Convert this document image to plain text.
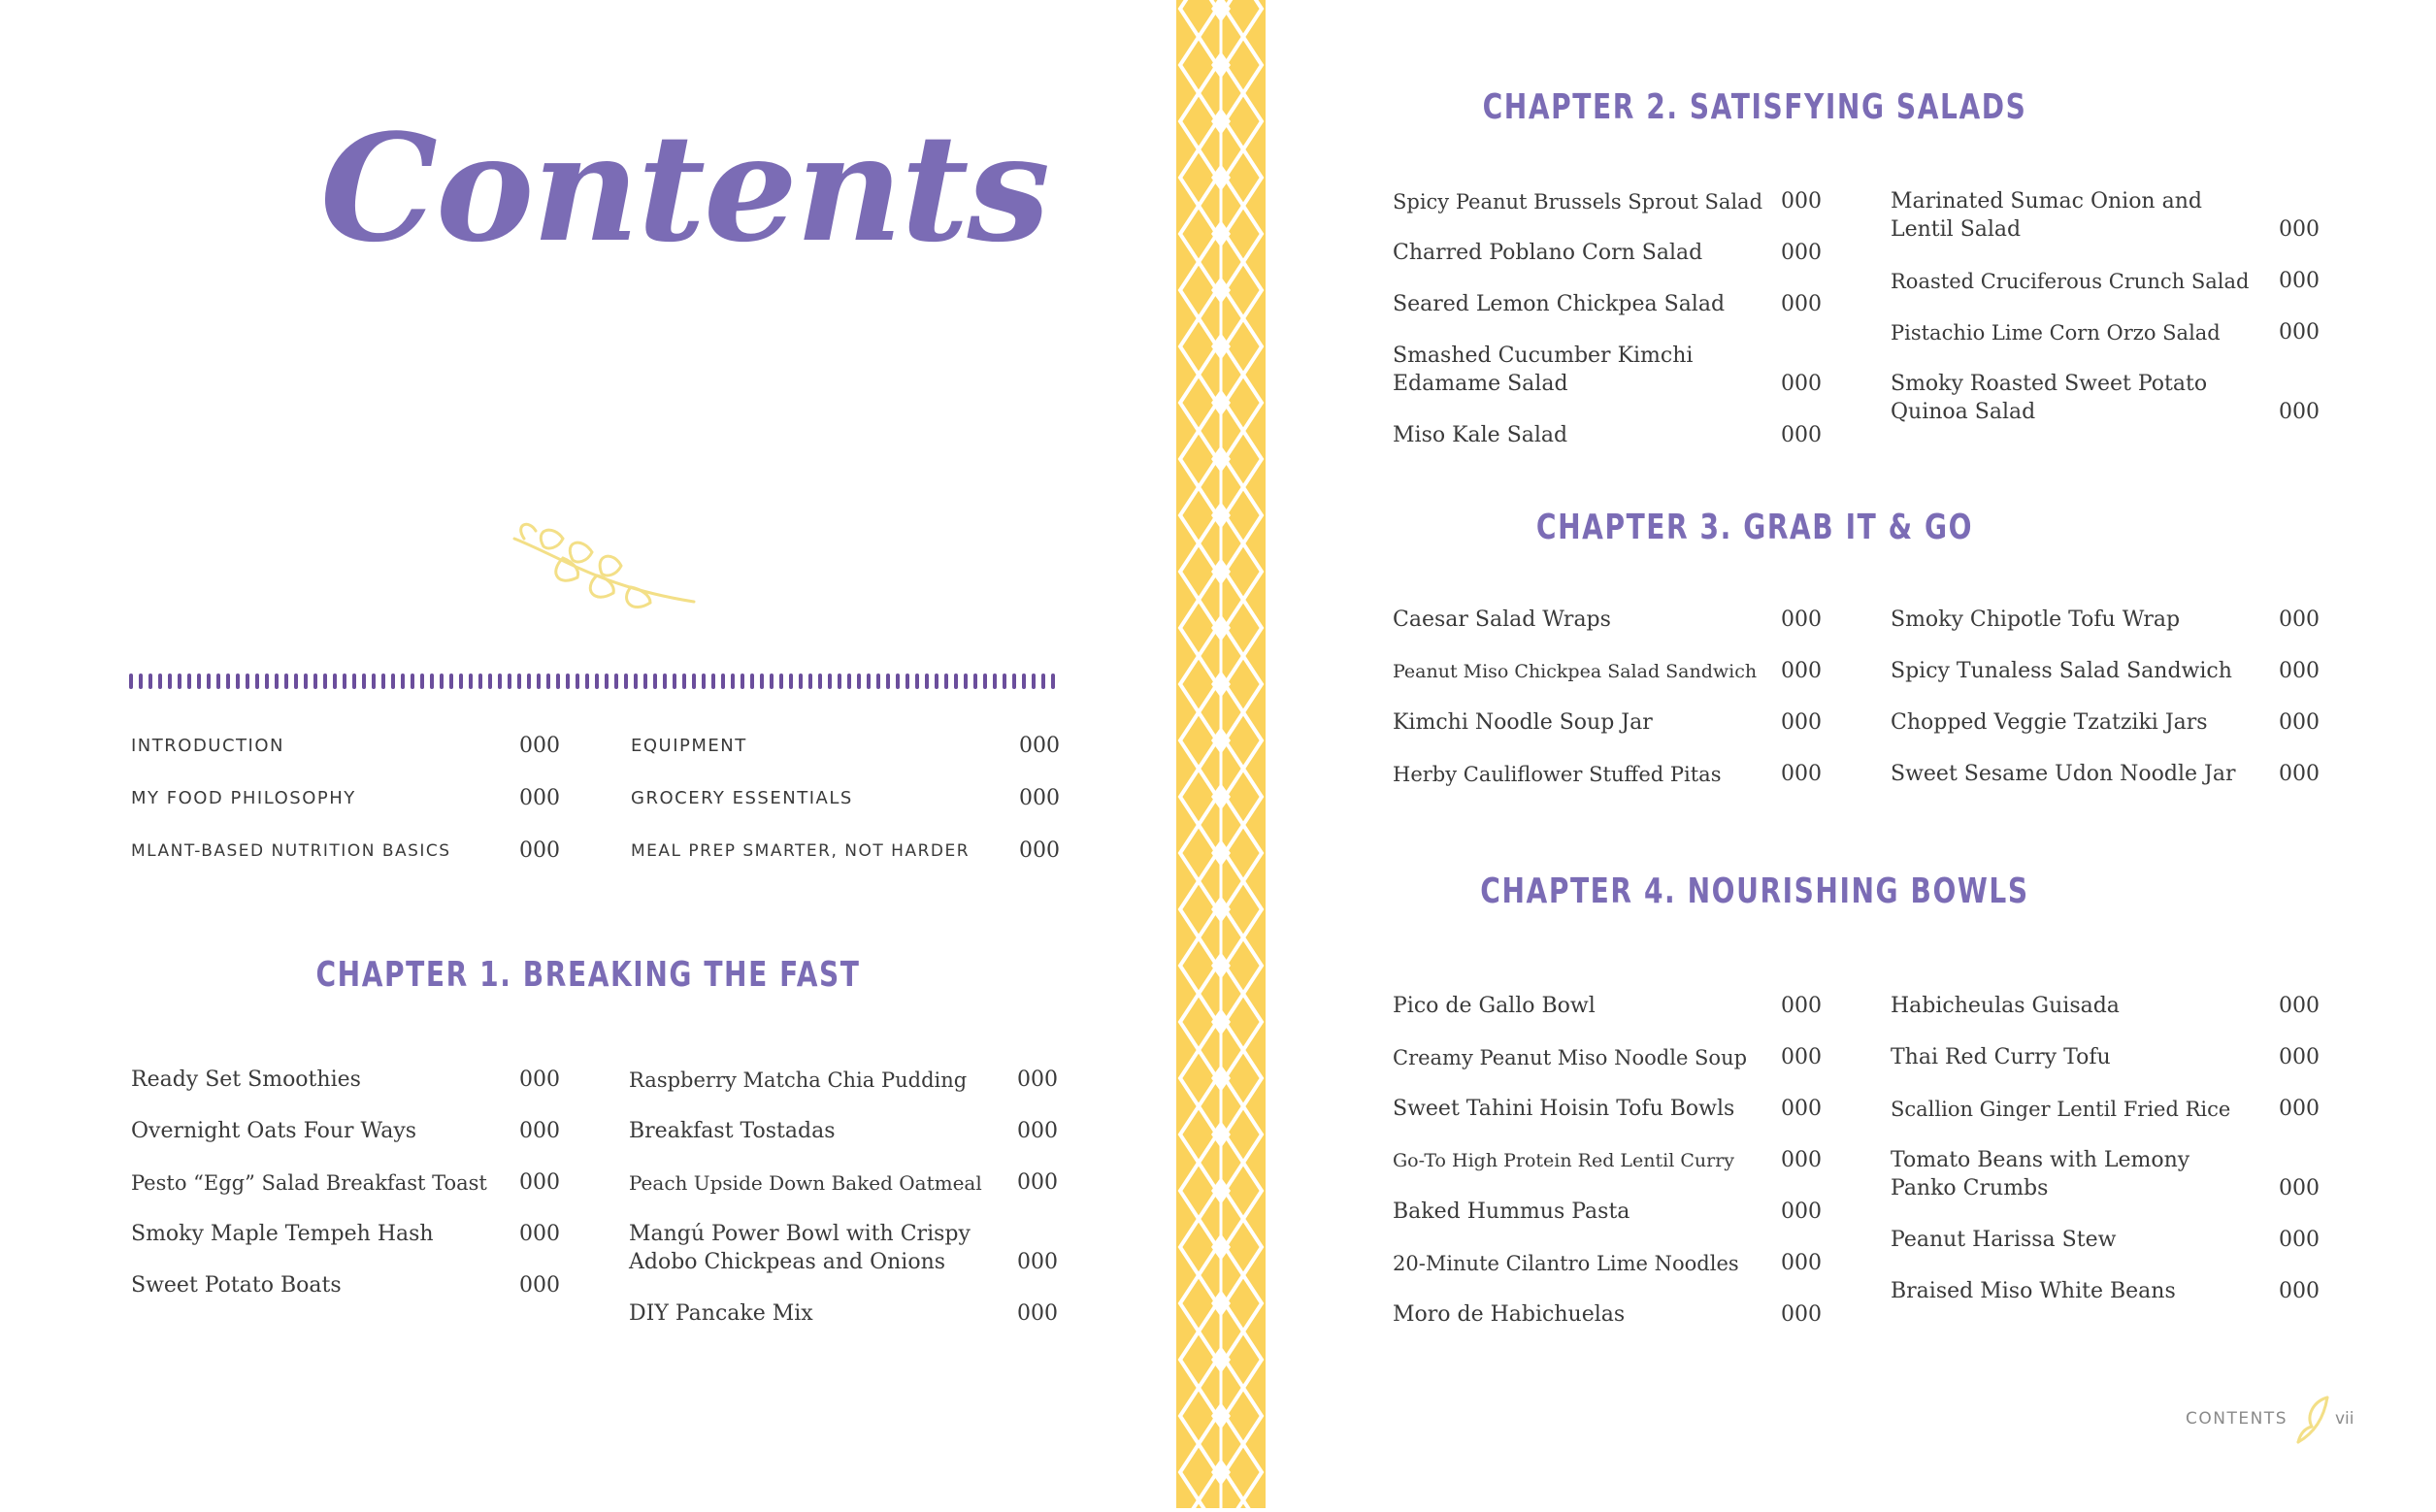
Contents
INTRODUCTION	000
MY FOOD PHILOSOPHY	000
MLANT-BASED NUTRITION BASICS	000
EQUIPMENT	000
GROCERY ESSENTIALS	000
MEAL PREP SMARTER, NOT HARDER 000
CHAPTER 1. BREAKING THE FAST
Ready Set Smoothies	000
Overnight Oats Four Ways	000
Pesto “Egg” Salad Breakfast Toast 000
Smoky Maple Tempeh Hash	000
Sweet Potato Boats	000
Raspberry Matcha Chia Pudding 000
Breakfast Tostadas	000
Peach Upside Down Baked Oatmeal 000
Mangú Power Bowl with Crispy
Adobo Chickpeas and Onions	000
DIY Pancake Mix	000
CHAPTER 2. SATISFYING SALADS
Spicy Peanut Brussels Sprout Salad 000
Charred Poblano Corn Salad	000
Seared Lemon Chickpea Salad	000
Smashed Cucumber Kimchi
Edamame Salad	000
Miso Kale Salad	000
Marinated Sumac Onion and
Lentil Salad	000
Roasted Cruciferous Crunch Salad 000
Pistachio Lime Corn Orzo Salad	000
Smoky Roasted Sweet Potato
Quinoa Salad	000
CHAPTER 3. GRAB IT & GO
Caesar Salad Wraps	000
Peanut Miso Chickpea Salad Sandwich 000
Kimchi Noodle Soup Jar	000
Herby Cauliflower Stuffed Pitas	000
Smoky Chipotle Tofu Wrap	000
Spicy Tunaless Salad Sandwich 000
Chopped Veggie Tzatziki Jars	000
Sweet Sesame Udon Noodle Jar 000
CHAPTER 4. NOURISHING BOWLS
Pico de Gallo Bowl	000
Creamy Peanut Miso Noodle Soup 000
Sweet Tahini Hoisin Tofu Bowls 000
Go-To High Protein Red Lentil Curry 000
Baked Hummus Pasta	000
20-Minute Cilantro Lime Noodles 000
Moro de Habichuelas	000
Habicheulas Guisada	000
Thai Red Curry Tofu	000
Scallion Ginger Lentil Fried Rice 000
Tomato Beans with Lemony
Panko Crumbs	000
Peanut Harissa Stew	000
Braised Miso White Beans	000
CONTENTS	vii
